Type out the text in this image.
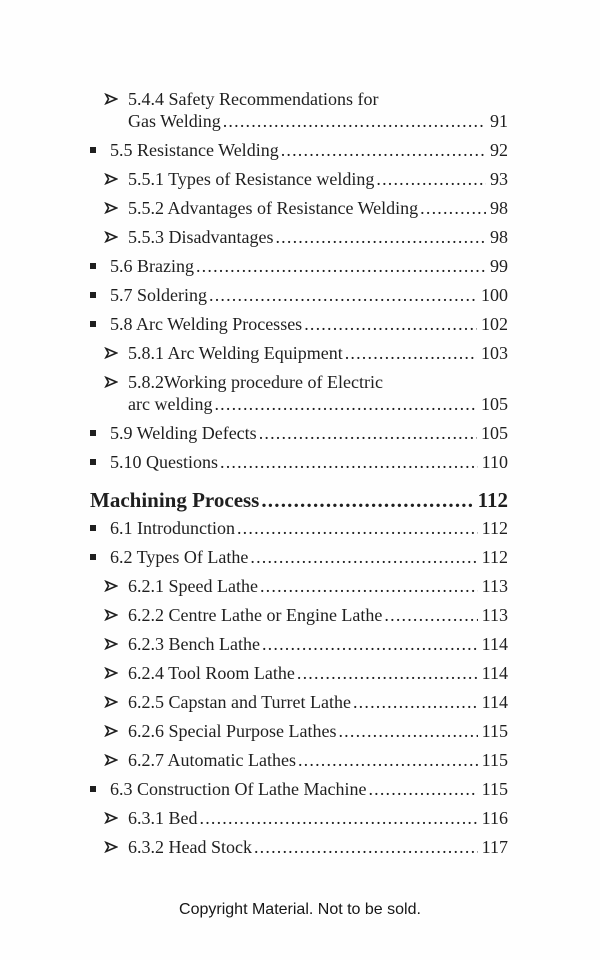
5.4.4 Safety Recommendations for
Gas Welding .....	91
5.5 Resistance Welding .....	92
5.5.1 Types of Resistance welding .....	93
5.5.2 Advantages of Resistance Welding .....	98
5.5.3 Disadvantages .....	98
5.6 Brazing .....	99
5.7 Soldering .....	100
5.8 Arc Welding Processes .....	102
5.8.1 Arc Welding Equipment .....	103
5.8.2Working procedure of Electric
arc welding .....	105
5.9 Welding Defects .....	105
5.10 Questions .....	110
Machining Process .....	112
6.1 Introdunction .....	112
6.2 Types Of Lathe .....	112
6.2.1 Speed Lathe .....	113
6.2.2 Centre Lathe or Engine Lathe .....	113
6.2.3 Bench Lathe .....	114
6.2.4 Tool Room Lathe .....	114
6.2.5 Capstan and Turret Lathe .....	114
6.2.6 Special Purpose Lathes .....	115
6.2.7 Automatic Lathes .....	115
6.3 Construction Of Lathe Machine .....	115
6.3.1 Bed .....	116
6.3.2 Head Stock .....	117
Copyright Material. Not to be sold.
